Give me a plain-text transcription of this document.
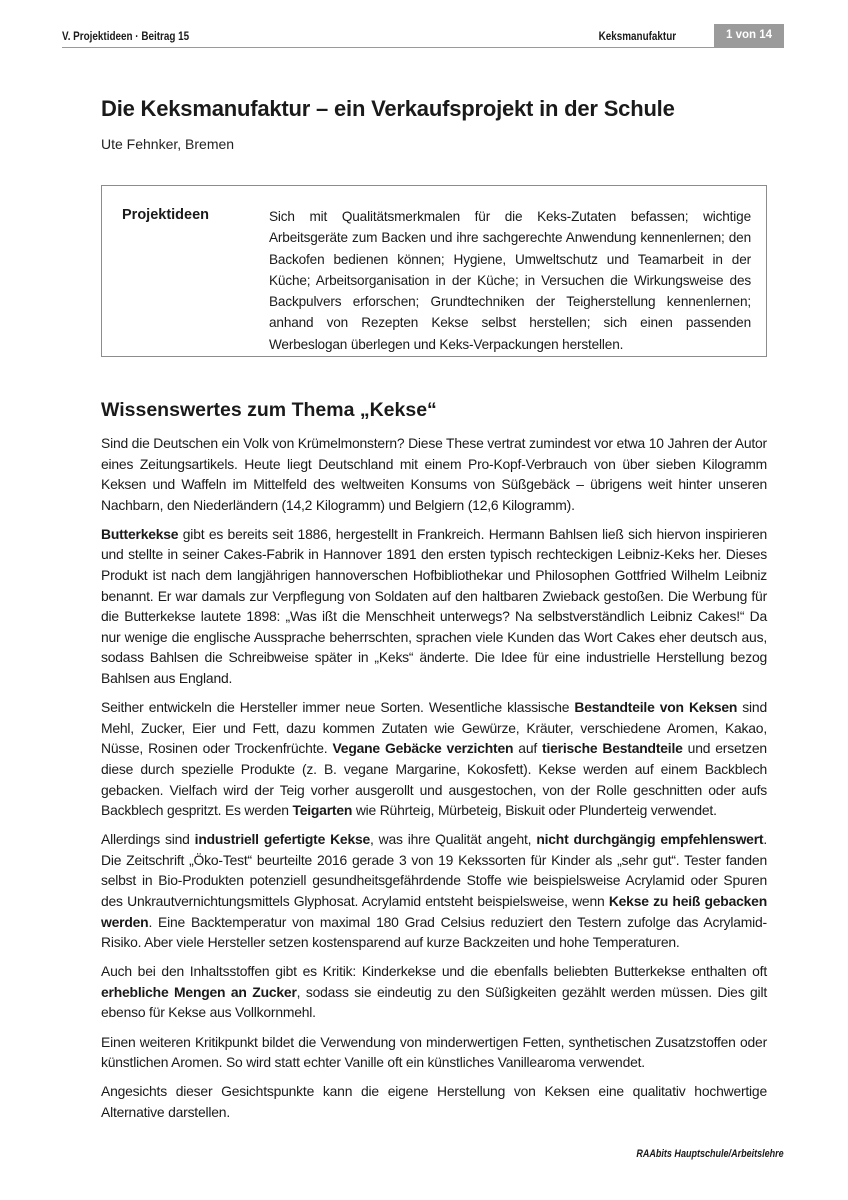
V. Projektideen · Beitrag 15	Keksmanufaktur	1 von 14
Die Keksmanufaktur – ein Verkaufsprojekt in der Schule
Ute Fehnker, Bremen
Projektideen	Sich mit Qualitätsmerkmalen für die Keks-Zutaten befassen; wichtige Arbeitsgeräte zum Backen und ihre sachgerechte Anwendung kennenlernen; den Backofen bedienen können; Hygiene, Umweltschutz und Teamarbeit in der Küche; Arbeitsorganisation in der Küche; in Versuchen die Wirkungsweise des Backpulvers erforschen; Grundtechniken der Teigherstellung kennenlernen; anhand von Rezepten Kekse selbst herstellen; sich einen passenden Werbeslogan überlegen und Keks-Verpackungen herstellen.
Wissenswertes zum Thema „Kekse“

Sind die Deutschen ein Volk von Krümelmonstern? Diese These vertrat zumindest vor etwa 10 Jahren der Autor eines Zeitungsartikels. Heute liegt Deutschland mit einem Pro-Kopf-Verbrauch von über sieben Kilogramm Keksen und Waffeln im Mittelfeld des weltweiten Konsums von Süßgebäck – übrigens weit hinter unseren Nachbarn, den Niederländern (14,2 Kilogramm) und Belgiern (12,6 Kilogramm).

Butterkekse gibt es bereits seit 1886, hergestellt in Frankreich. Hermann Bahlsen ließ sich hiervon inspirieren und stellte in seiner Cakes-Fabrik in Hannover 1891 den ersten typisch rechteckigen Leibniz-Keks her. Dieses Produkt ist nach dem langjährigen hannoverschen Hofbibliothekar und Philosophen Gottfried Wilhelm Leibniz benannt. Er war damals zur Verpflegung von Soldaten auf den haltbaren Zwieback gestoßen. Die Werbung für die Butterkekse lautete 1898: „Was ißt die Menschheit unterwegs? Na selbstverständlich Leibniz Cakes!“ Da nur wenige die englische Aussprache beherrschten, sprachen viele Kunden das Wort Cakes eher deutsch aus, sodass Bahlsen die Schreibweise später in „Keks“ änderte. Die Idee für eine industrielle Herstellung bezog Bahlsen aus England.

Seither entwickeln die Hersteller immer neue Sorten. Wesentliche klassische Bestandteile von Keksen sind Mehl, Zucker, Eier und Fett, dazu kommen Zutaten wie Gewürze, Kräuter, verschiedene Aromen, Kakao, Nüsse, Rosinen oder Trockenfrüchte. Vegane Gebäcke verzichten auf tierische Bestandteile und ersetzen diese durch spezielle Produkte (z. B. vegane Margarine, Kokosfett). Kekse werden auf einem Backblech gebacken. Vielfach wird der Teig vorher ausgerollt und ausgestochen, von der Rolle geschnitten oder aufs Backblech gespritzt. Es werden Teigarten wie Rührteig, Mürbeteig, Biskuit oder Plunderteig verwendet.

Allerdings sind industriell gefertigte Kekse, was ihre Qualität angeht, nicht durchgängig empfehlenswert. Die Zeitschrift „Öko-Test“ beurteilte 2016 gerade 3 von 19 Kekssorten für Kinder als „sehr gut“. Tester fanden selbst in Bio-Produkten potenziell gesundheitsgefährdende Stoffe wie beispielsweise Acrylamid oder Spuren des Unkrautvernichtungsmittels Glyphosat. Acrylamid entsteht beispielsweise, wenn Kekse zu heiß gebacken werden. Eine Backtemperatur von maximal 180 Grad Celsius reduziert den Testern zufolge das Acrylamid-Risiko. Aber viele Hersteller setzen kostensparend auf kurze Backzeiten und hohe Temperaturen.

Auch bei den Inhaltsstoffen gibt es Kritik: Kinderkekse und die ebenfalls beliebten Butterkekse enthalten oft erhebliche Mengen an Zucker, sodass sie eindeutig zu den Süßigkeiten gezählt werden müssen. Dies gilt ebenso für Kekse aus Vollkornmehl.

Einen weiteren Kritikpunkt bildet die Verwendung von minderwertigen Fetten, synthetischen Zusatzstoffen oder künstlichen Aromen. So wird statt echter Vanille oft ein künstliches Vanillearoma verwendet.

Angesichts dieser Gesichtspunkte kann die eigene Herstellung von Keksen eine qualitativ hochwertige Alternative darstellen.

RAAbits Hauptschule/Arbeitslehre
